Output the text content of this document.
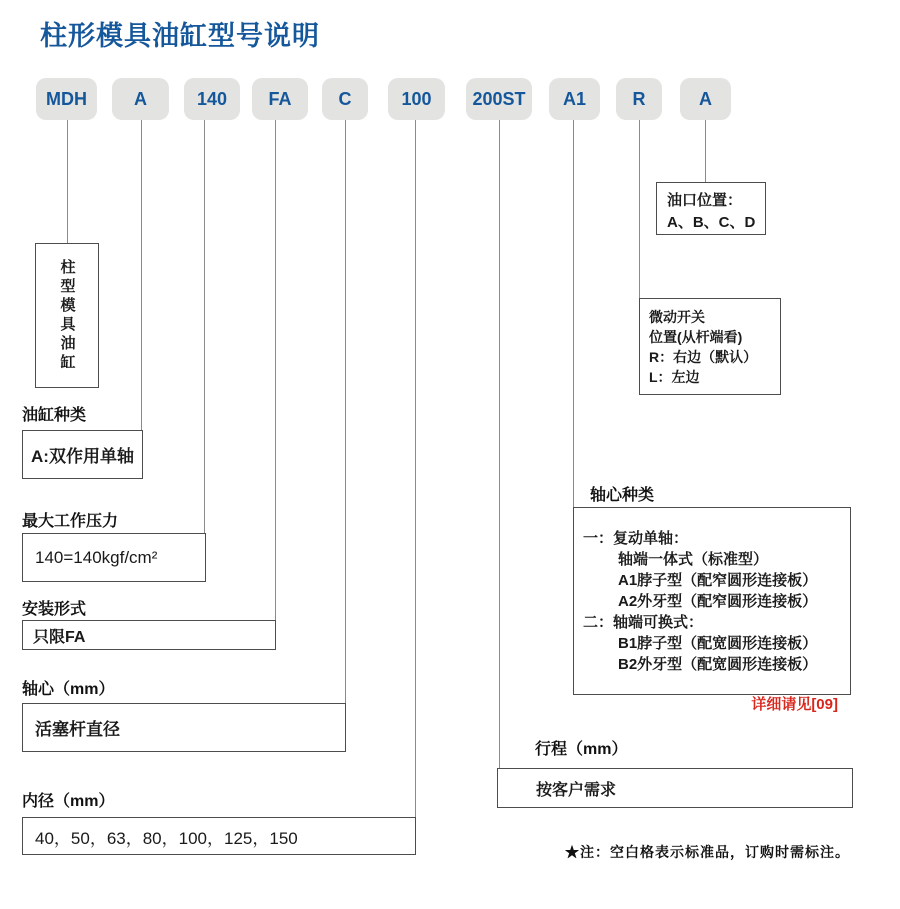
柱形模具油缸型号说明
MDH	A	140	FA	C	100	200ST	A1	R	A
柱型模具油缸
油缸种类
A:双作用单轴
最大工作压力
140=140kgf/cm²
安装形式
只限FA
轴心（mm）
活塞杆直径
内径（mm）
40，50，63，80，100，125，150
行程（mm）
按客户需求
油口位置：
A、B、C、D
微动开关
位置(从杆端看)
R：右边（默认）
L：左边
轴心种类
一：复动单轴：
轴端一体式（标准型）
A1脖子型（配窄圆形连接板）
A2外牙型（配窄圆形连接板）
二：轴端可换式：
B1脖子型（配宽圆形连接板）
B2外牙型（配宽圆形连接板）
详细请见[09]
★注：空白格表示标准品，订购时需标注。
